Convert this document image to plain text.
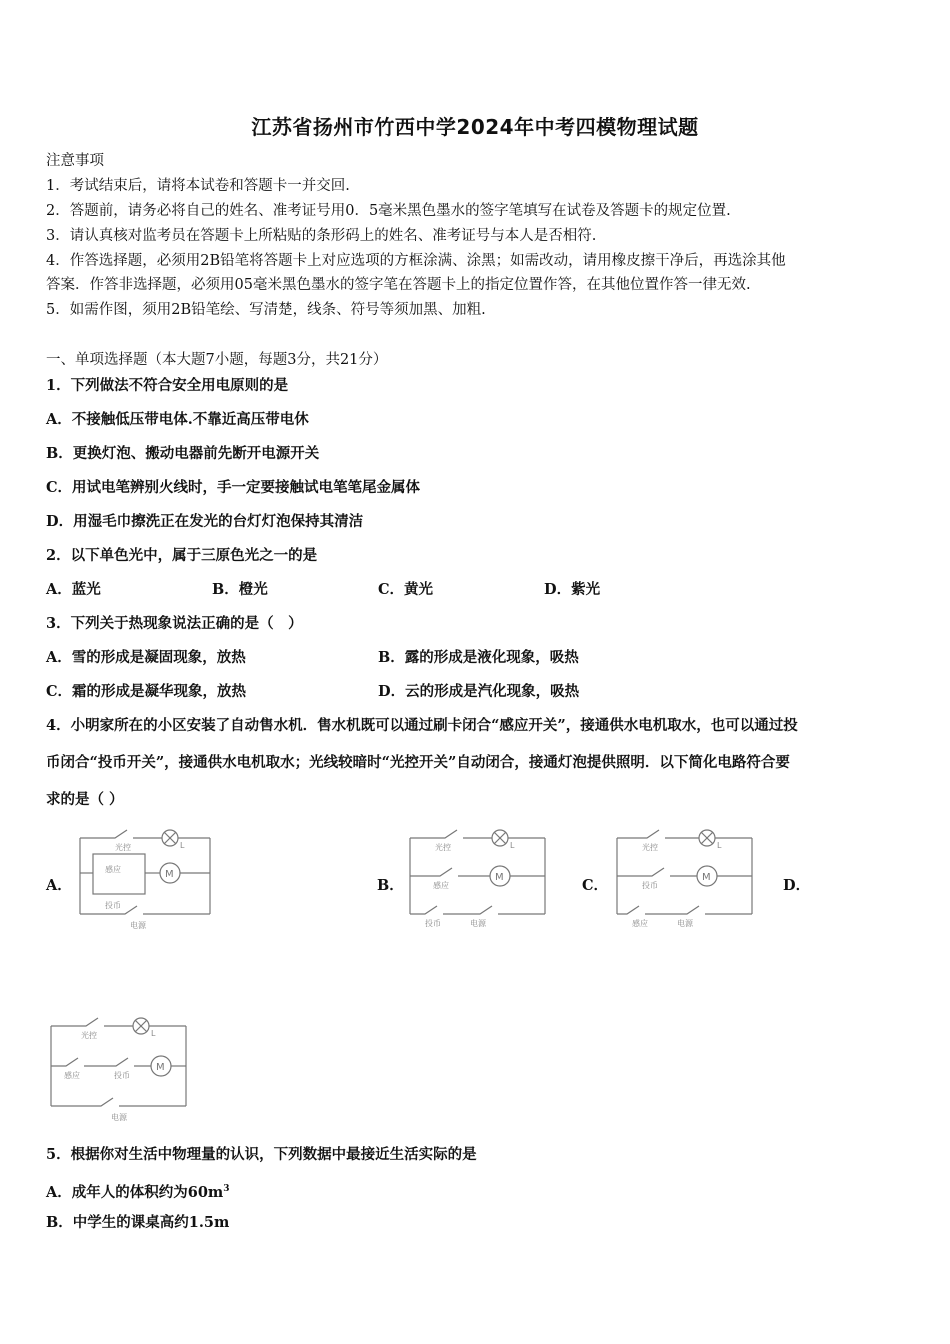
江苏省扬州市竹西中学2024年中考四模物理试题
注意事项
1．考试结束后，请将本试卷和答题卡一并交回.
2．答题前，请务必将自己的姓名、准考证号用0．5毫米黑色墨水的签字笔填写在试卷及答题卡的规定位置.
3．请认真核对监考员在答题卡上所粘贴的条形码上的姓名、准考证号与本人是否相符.
4．作答选择题，必须用2B铅笔将答题卡上对应选项的方框涂满、涂黑；如需改动，请用橡皮擦干净后，再选涂其他
答案．作答非选择题，必须用05毫米黑色墨水的签字笔在答题卡上的指定位置作答，在其他位置作答一律无效.
5．如需作图，须用2B铅笔绘、写清楚，线条、符号等须加黑、加粗.
一、单项选择题（本大题7小题，每题3分，共21分）
1．下列做法不符合安全用电原则的是
A．不接触低压带电体.不靠近高压带电休
B．更换灯泡、搬动电器前先断开电源开关
C．用试电笔辨别火线时，手一定要接触试电笔笔尾金属体
D．用湿毛巾擦洗正在发光的台灯灯泡保持其清洁
2．以下单色光中，属于三原色光之一的是
A．蓝光	B．橙光	C．黄光	D．紫光
3．下列关于热现象说法正确的是（　）
A．雪的形成是凝固现象，放热	B．露的形成是液化现象，吸热
C．霜的形成是凝华现象，放热	D．云的形成是汽化现象，吸热
4．小明家所在的小区安装了自动售水机．售水机既可以通过刷卡闭合“感应开关”，接通供水电机取水，也可以通过投
币闭合“投币开关”，接通供水电机取水；光线较暗时“光控开关”自动闭合，接通灯泡提供照明．以下简化电路符合要
求的是（ ）
A．	B．	C．	D．
光控	L
感应	M
投币
电源
光控	L
感应
M
投币	电源
光控	L
投币
M
感应	电源
光控	L
感应	投币
M
电源
5．根据你对生活中物理量的认识，下列数据中最接近生活实际的是
A．成年人的体积约为$60m^3$
B．中学生的课桌高约1.5m
